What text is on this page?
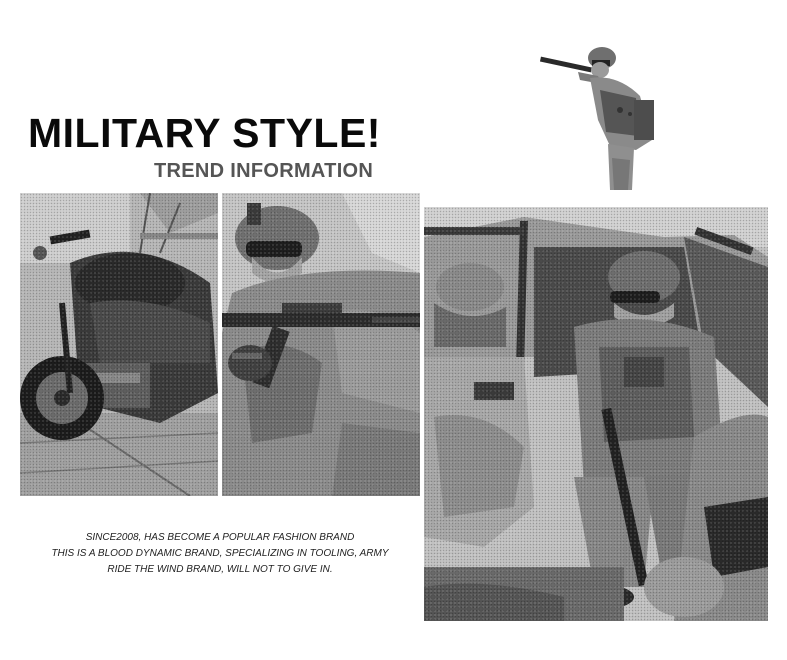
MILITARY STYLE!
TREND INFORMATION
SINCE2008, HAS BECOME A POPULAR FASHION BRAND
THIS IS A BLOOD DYNAMIC BRAND, SPECIALIZING IN TOOLING, ARMY
RIDE THE WIND BRAND, WILL NOT TO GIVE IN.
